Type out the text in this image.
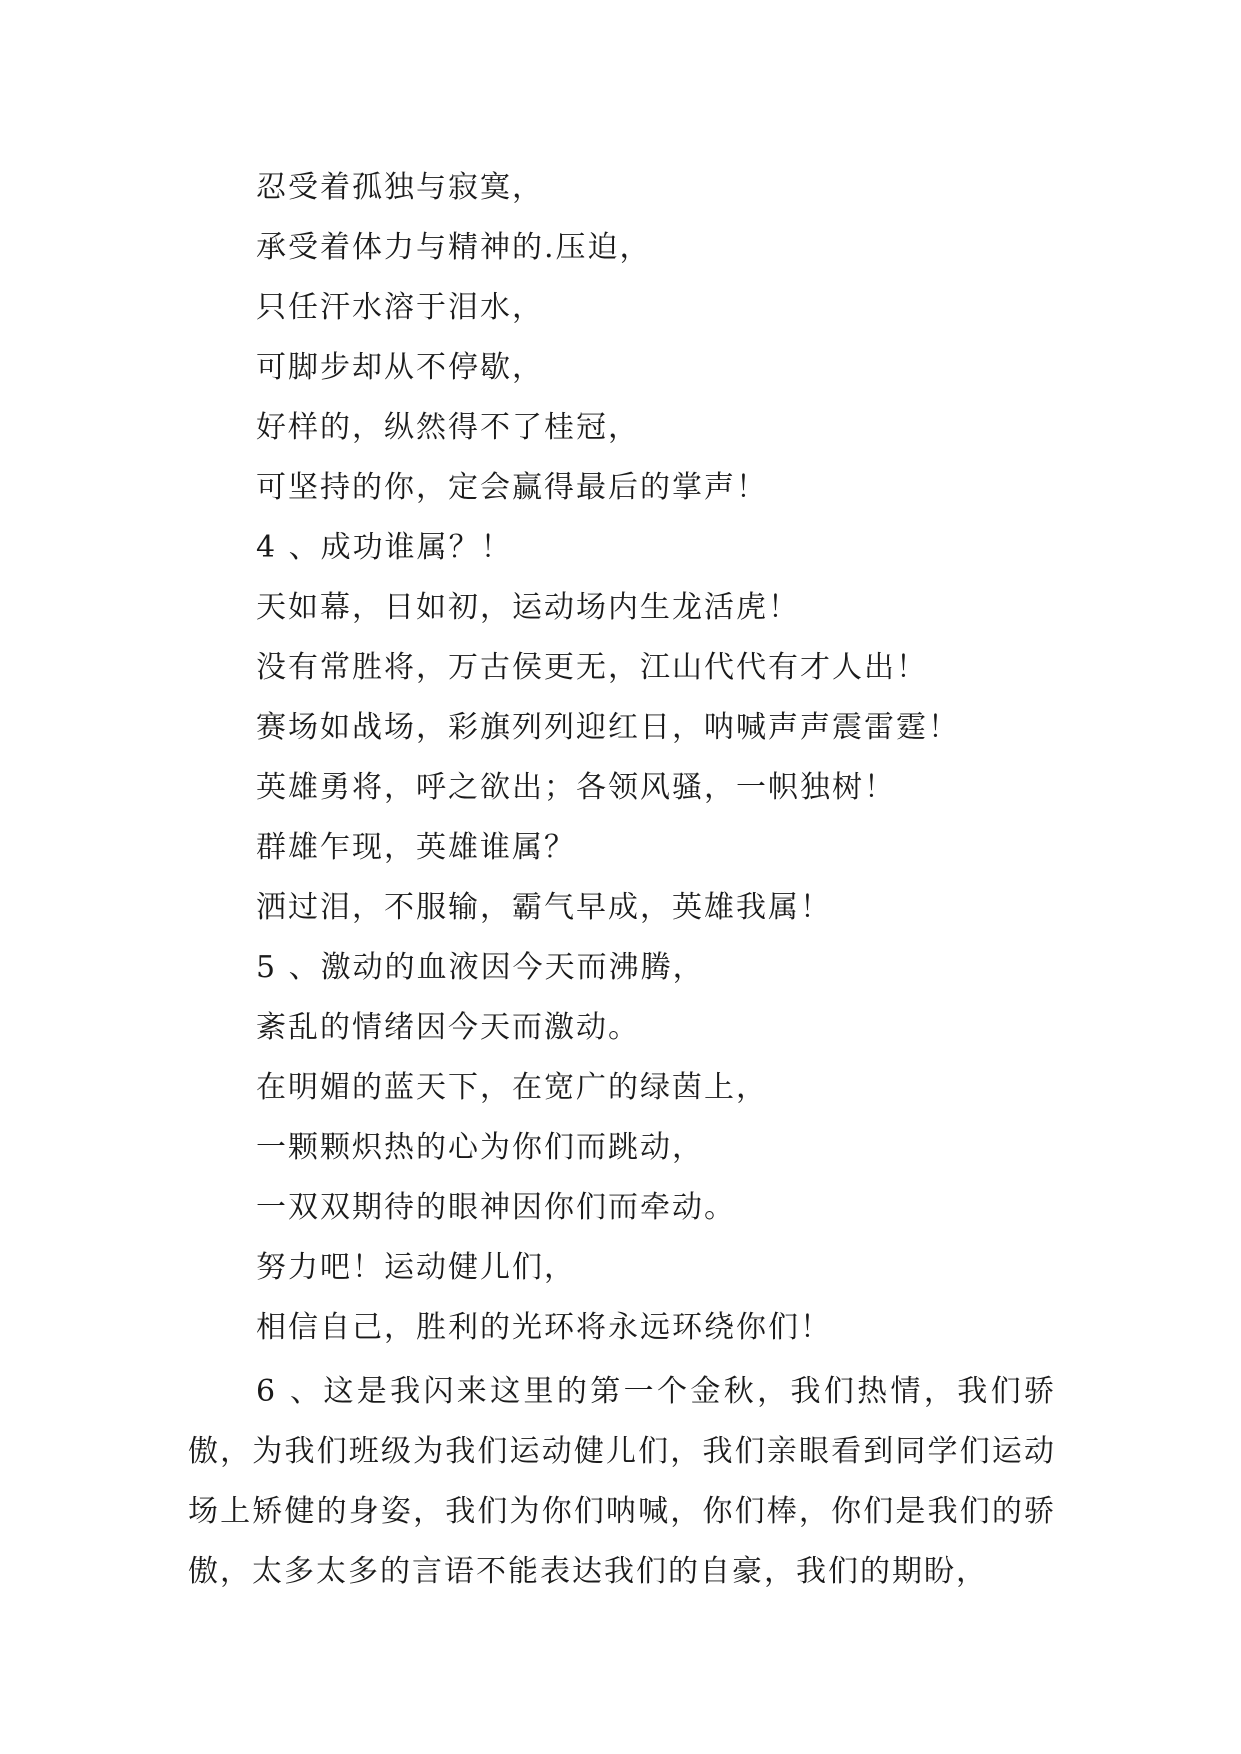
忍受着孤独与寂寞，
承受着体力与精神的.压迫，
只任汗水溶于泪水，
可脚步却从不停歇，
好样的，纵然得不了桂冠，
可坚持的你，定会赢得最后的掌声！
4 、成功谁属？！
天如幕，日如初，运动场内生龙活虎！
没有常胜将，万古侯更无，江山代代有才人出！
赛场如战场，彩旗列列迎红日，呐喊声声震雷霆！
英雄勇将，呼之欲出；各领风骚，一帜独树！
群雄乍现，英雄谁属？
洒过泪，不服输，霸气早成，英雄我属！
5 、激动的血液因今天而沸腾，
紊乱的情绪因今天而激动。
在明媚的蓝天下，在宽广的绿茵上，
一颗颗炽热的心为你们而跳动，
一双双期待的眼神因你们而牵动。
努力吧！运动健儿们，
相信自己，胜利的光环将永远环绕你们！

6 、这是我闪来这里的第一个金秋，我们热情，我们骄傲，为我们班级为我们运动健儿们，我们亲眼看到同学们运动场上矫健的身姿，我们为你们呐喊，你们棒，你们是我们的骄傲，太多太多的言语不能表达我们的自豪，我们的期盼，
